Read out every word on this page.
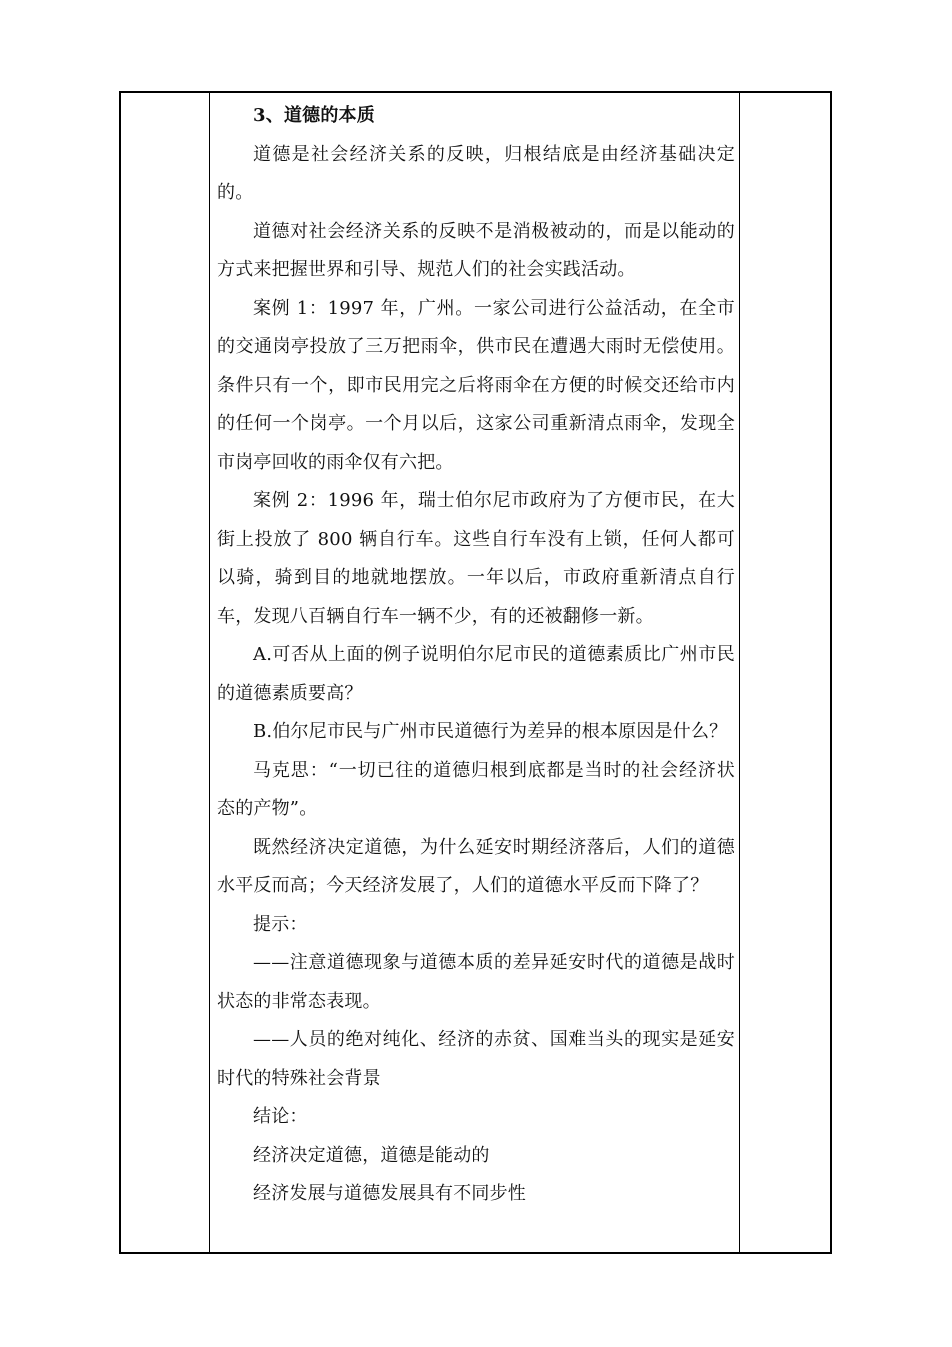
3、道德的本质

道德是社会经济关系的反映，归根结底是由经济基础决定的。

道德对社会经济关系的反映不是消极被动的，而是以能动的方式来把握世界和引导、规范人们的社会实践活动。

案例 1：1997 年，广州。一家公司进行公益活动，在全市的交通岗亭投放了三万把雨伞，供市民在遭遇大雨时无偿使用。条件只有一个，即市民用完之后将雨伞在方便的时候交还给市内的任何一个岗亭。一个月以后，这家公司重新清点雨伞，发现全市岗亭回收的雨伞仅有六把。

案例 2：1996 年，瑞士伯尔尼市政府为了方便市民，在大街上投放了 800 辆自行车。这些自行车没有上锁，任何人都可以骑，骑到目的地就地摆放。一年以后，市政府重新清点自行车，发现八百辆自行车一辆不少，有的还被翻修一新。

A.可否从上面的例子说明伯尔尼市民的道德素质比广州市民的道德素质要高？

B.伯尔尼市民与广州市民道德行为差异的根本原因是什么？

马克思：“一切已往的道德归根到底都是当时的社会经济状态的产物”。

既然经济决定道德，为什么延安时期经济落后，人们的道德水平反而高；今天经济发展了，人们的道德水平反而下降了？

提示：

——注意道德现象与道德本质的差异延安时代的道德是战时状态的非常态表现。

——人员的绝对纯化、经济的赤贫、国难当头的现实是延安时代的特殊社会背景

结论：

经济决定道德，道德是能动的

经济发展与道德发展具有不同步性
